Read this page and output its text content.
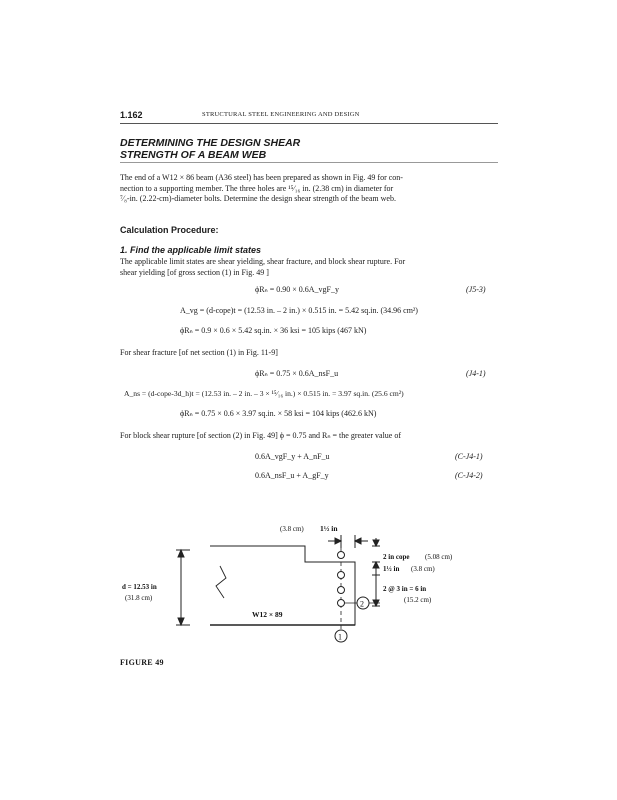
1.162	STRUCTURAL STEEL ENGINEERING AND DESIGN
DETERMINING THE DESIGN SHEAR
STRENGTH OF A BEAM WEB
The end of a W12 × 86 beam (A36 steel) has been prepared as shown in Fig. 49 for con-
nection to a supporting member. The three holes are ¹⁵⁄₁₆ in. (2.38 cm) in diameter for
⁷⁄₈-in. (2.22-cm)-diameter bolts. Determine the design shear strength of the beam web.
Calculation Procedure:
1. Find the applicable limit states
The applicable limit states are shear yielding, shear fracture, and block shear rupture. For
shear yielding [of gross section (1) in Fig. 49 ]
ϕRₙ = 0.90 × 0.6A_vgF_y	(J5-3)
A_vg = (d-cope)t = (12.53 in. – 2 in.) × 0.515 in. = 5.42 sq.in. (34.96 cm²)
ϕRₙ = 0.9 × 0.6 × 5.42 sq.in. × 36 ksi = 105 kips (467 kN)
For shear fracture [of net section (1) in Fig. 11-9]
ϕRₙ = 0.75 × 0.6A_nsF_u	(J4-1)
A_ns = (d-cope-3d_h)t = (12.53 in. – 2 in. – 3 × ¹⁵⁄₁₆ in.) × 0.515 in. = 3.97 sq.in. (25.6 cm²)
ϕRₙ = 0.75 × 0.6 × 3.97 sq.in. × 58 ksi = 104 kips (462.6 kN)
For block shear rupture [of section (2) in Fig. 49] ϕ = 0.75 and Rₙ = the greater value of
0.6A_vgF_y + A_nF_u	(C-J4-1)
0.6A_nsF_u + A_gF_y	(C-J4-2)
1
2
(3.8 cm) 1½ in
2 in cope (5.08 cm)
1½ in (3.8 cm)
2 @ 3 in = 6 in
(15.2 cm)
d = 12.53 in
(31.8 cm)
W12 × 89
FIGURE 49
